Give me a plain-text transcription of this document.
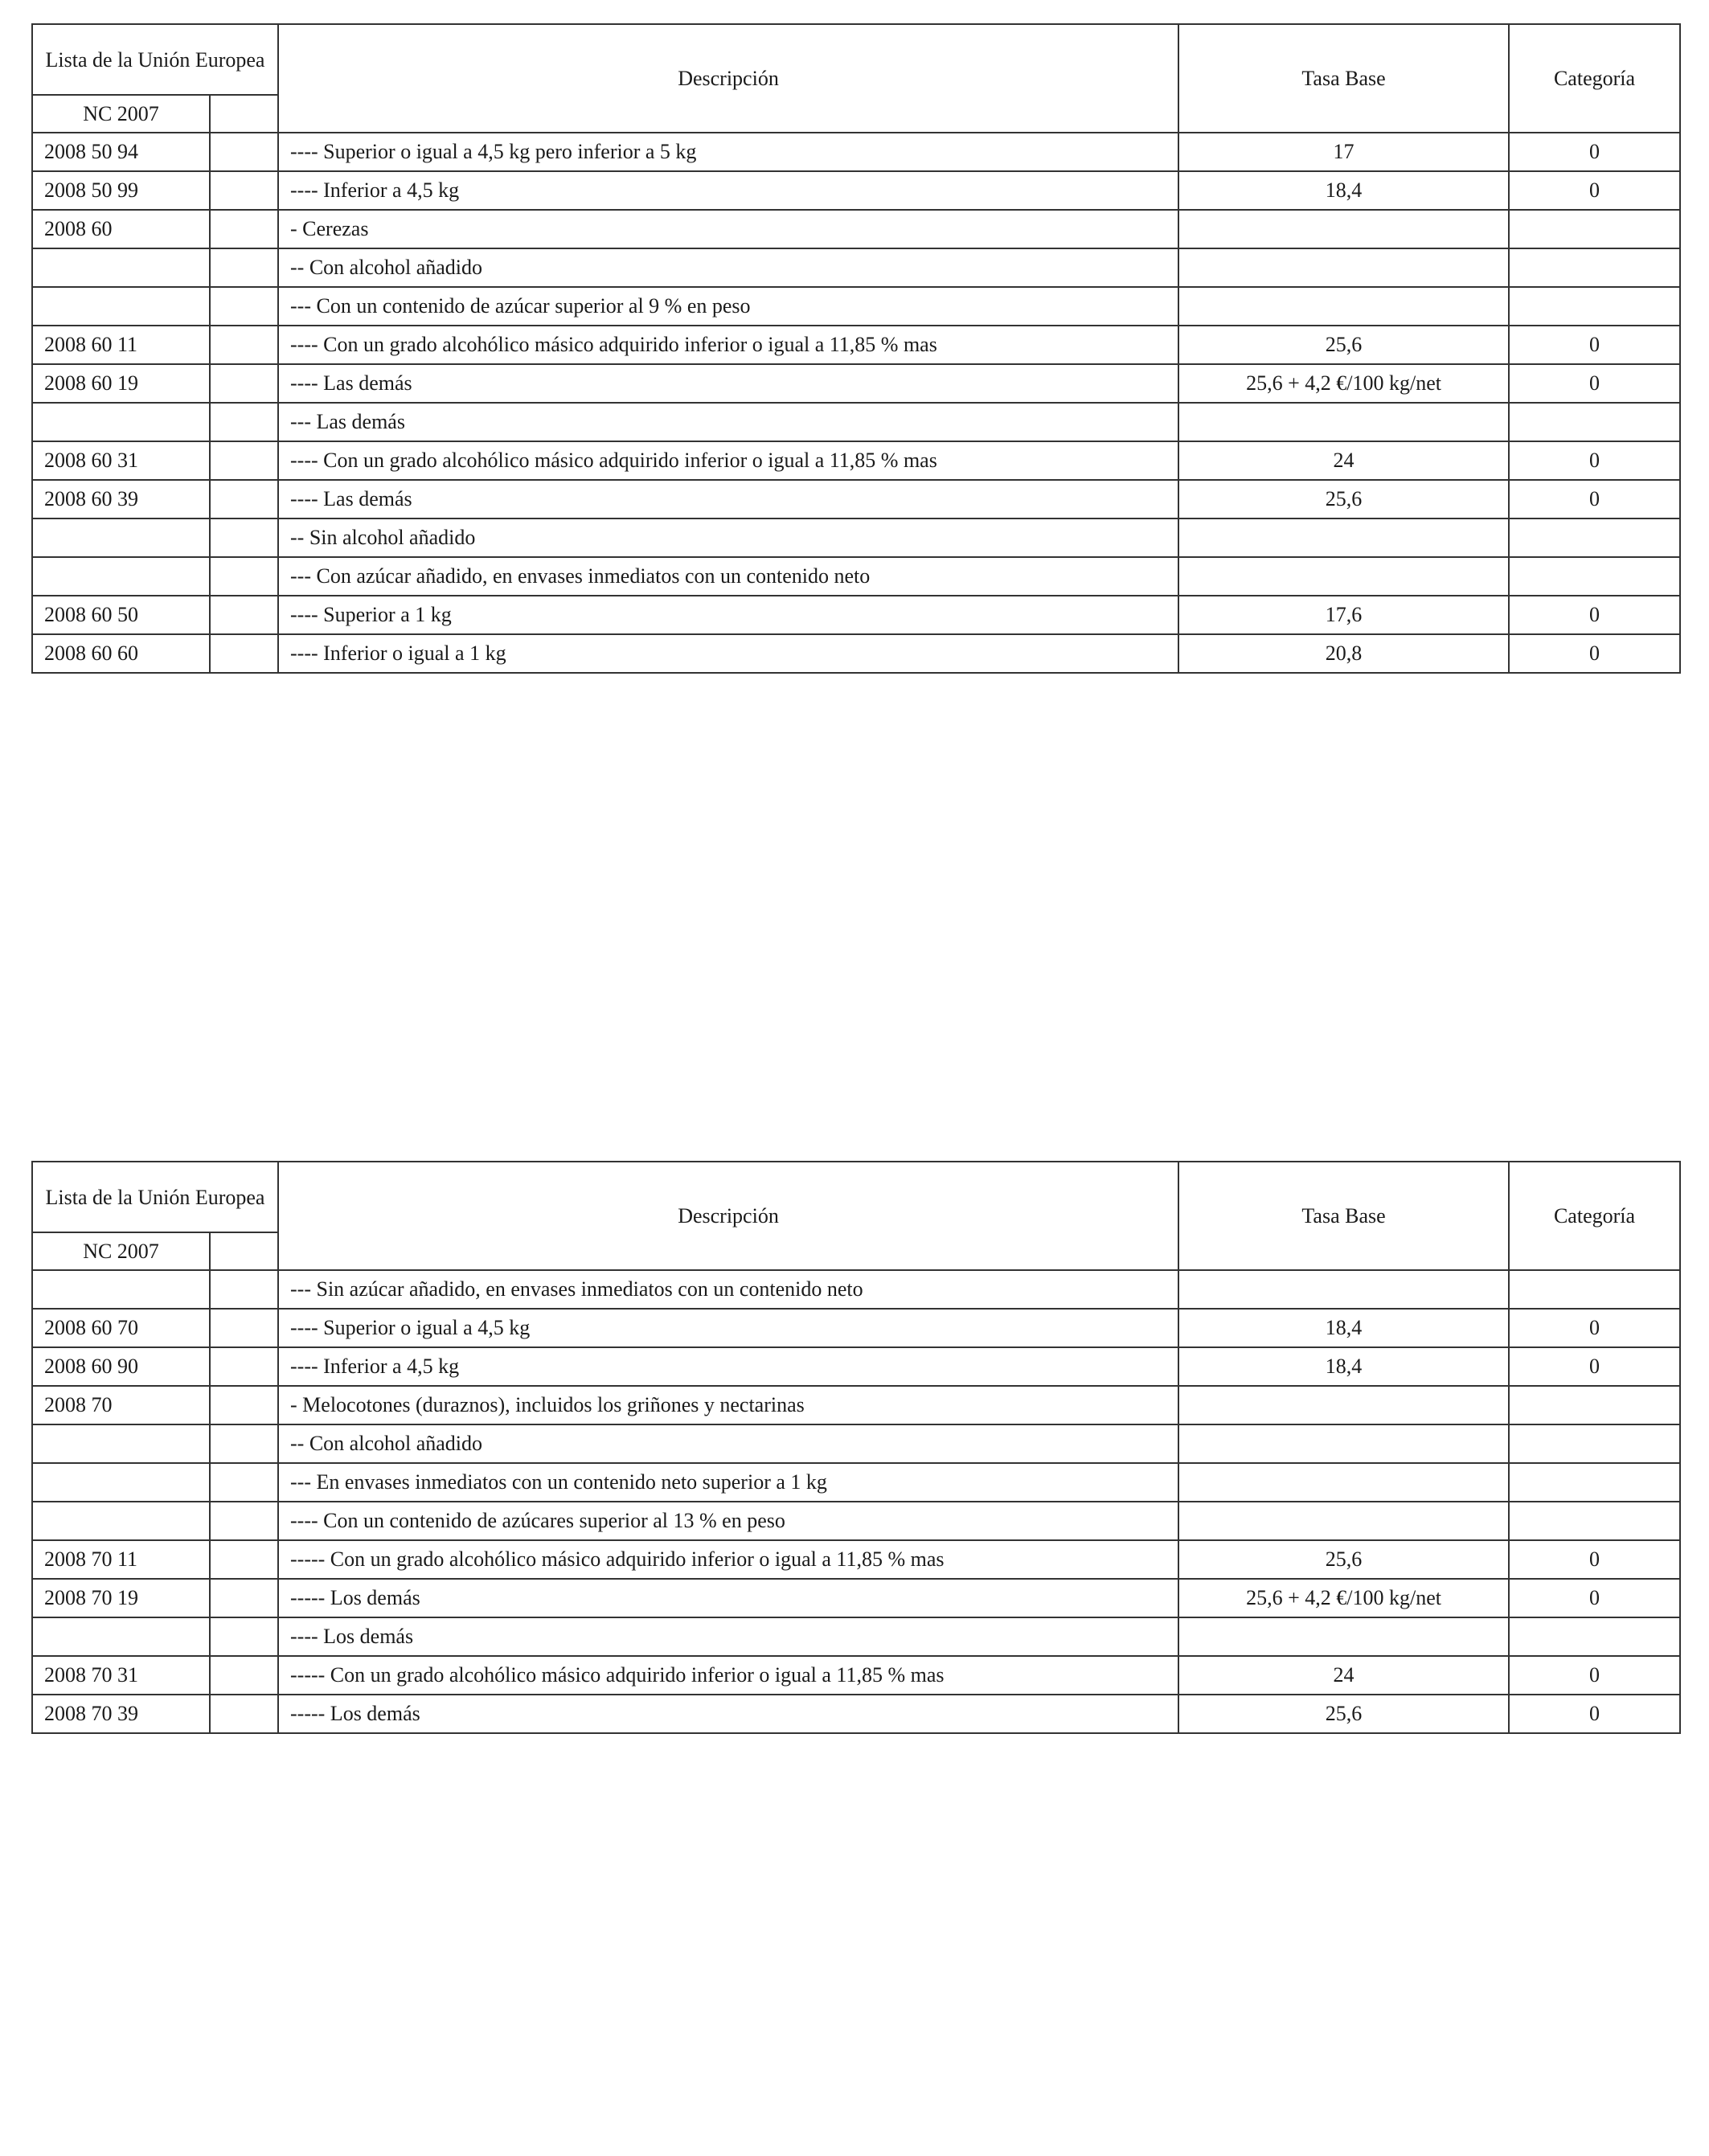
Lista de la Unión Europea		Descripción	Tasa Base	Categoría
NC 2007				
2008 50 94		---- Superior o igual a 4,5 kg pero inferior a 5 kg	17	0
2008 50 99		---- Inferior a 4,5 kg	18,4	0
2008 60		- Cerezas		
		-- Con alcohol añadido		
		--- Con un contenido de azúcar superior al 9 % en peso		
2008 60 11		---- Con un grado alcohólico másico adquirido inferior o igual a 11,85 % mas	25,6	0
2008 60 19		---- Las demás	25,6 + 4,2 €/100 kg/net	0
		--- Las demás		
2008 60 31		---- Con un grado alcohólico másico adquirido inferior o igual a 11,85 % mas	24	0
2008 60 39		---- Las demás	25,6	0
		-- Sin alcohol añadido		
		--- Con azúcar añadido, en envases inmediatos con un contenido neto		
2008 60 50		---- Superior a 1 kg	17,6	0
2008 60 60		---- Inferior o igual a 1 kg	20,8	0
Lista de la Unión Europea		Descripción	Tasa Base	Categoría
NC 2007				
		--- Sin azúcar añadido, en envases inmediatos con un contenido neto		
2008 60 70		---- Superior o igual a 4,5 kg	18,4	0
2008 60 90		---- Inferior a 4,5 kg	18,4	0
2008 70		- Melocotones (duraznos), incluidos los griñones y nectarinas		
		-- Con alcohol añadido		
		--- En envases inmediatos con un contenido neto superior a 1 kg		
		---- Con un contenido de azúcares superior al 13 % en peso		
2008 70 11		----- Con un grado alcohólico másico adquirido inferior o igual a 11,85 % mas	25,6	0
2008 70 19		----- Los demás	25,6 + 4,2 €/100 kg/net	0
		---- Los demás		
2008 70 31		----- Con un grado alcohólico másico adquirido inferior o igual a 11,85 % mas	24	0
2008 70 39		----- Los demás	25,6	0
